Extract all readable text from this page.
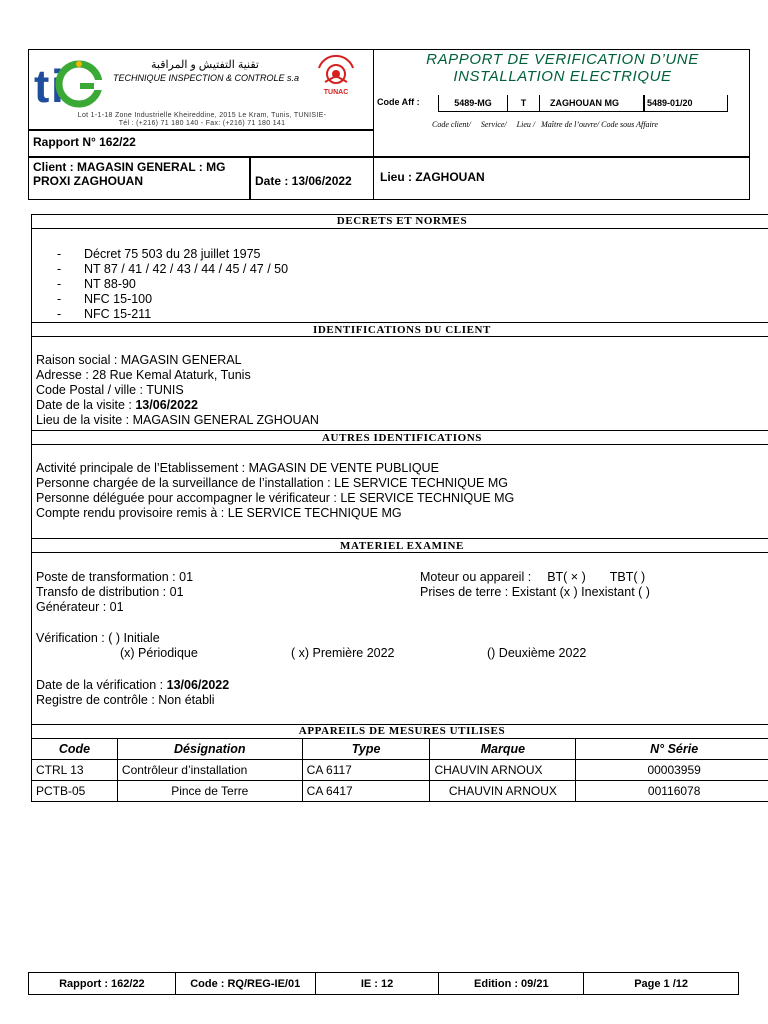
t i	تقنية التفتيش و المراقبة
TECHNIQUE INSPECTION & CONTROLE s.a
TUNAC
Lot 1-1-18 Zone Industrielle Kheireddine, 2015 Le Kram, Tunis, TUNISIE-
Tél : (+216) 71 180 140 - Fax: (+216) 71 180 141
RAPPORT DE VERIFICATION D’UNE
INSTALLATION ELECTRIQUE
Code Aff :	5489-MG	T	ZAGHOUAN MG	5489-01/20
Code client/     Service/     Lieu /   Maître de l’ouvre/ Code sous Affaire
Rapport N° 162/22
Client : MAGASIN GENERAL : MG
PROXI ZAGHOUAN	Date : 13/06/2022	Lieu : ZAGHOUAN
DECRETS ET NORMES
- Décret 75 503 du 28 juillet 1975
- NT 87 / 41 / 42 / 43 / 44 / 45 / 47 / 50
- NT 88-90
- NFC 15-100
- NFC 15-211
IDENTIFICATIONS DU CLIENT
Raison social : MAGASIN GENERAL
Adresse : 28 Rue Kemal Ataturk, Tunis
Code Postal / ville : TUNIS
Date de la visite : 13/06/2022
Lieu de la visite : MAGASIN GENERAL ZGHOUAN
AUTRES IDENTIFICATIONS
Activité principale de l’Etablissement : MAGASIN DE VENTE PUBLIQUE
Personne chargée de la surveillance de l’installation : LE SERVICE TECHNIQUE MG
Personne déléguée pour accompagner le vérificateur : LE SERVICE TECHNIQUE MG
Compte rendu provisoire remis à : LE SERVICE TECHNIQUE MG
MATERIEL EXAMINE
Poste de transformation : 01
Transfo de distribution : 01
Générateur : 01
Moteur ou appareil : BT( × ) TBT( )
Prises de terre : Existant (x ) Inexistant ( )
Vérification : ( ) Initiale
(x) Périodique	( x) Première 2022	() Deuxième 2022
Date de la vérification : 13/06/2022
Registre de contrôle : Non établi
APPAREILS DE MESURES UTILISES
Code	Désignation	Type	Marque	N° Série
CTRL 13	Contrôleur d’installation	CA 6117	CHAUVIN ARNOUX	00003959
PCTB-05	Pince de Terre	CA 6417	CHAUVIN ARNOUX	00116078
Rapport : 162/22	Code : RQ/REG-IE/01	IE : 12	Edition : 09/21	Page 1 /12
